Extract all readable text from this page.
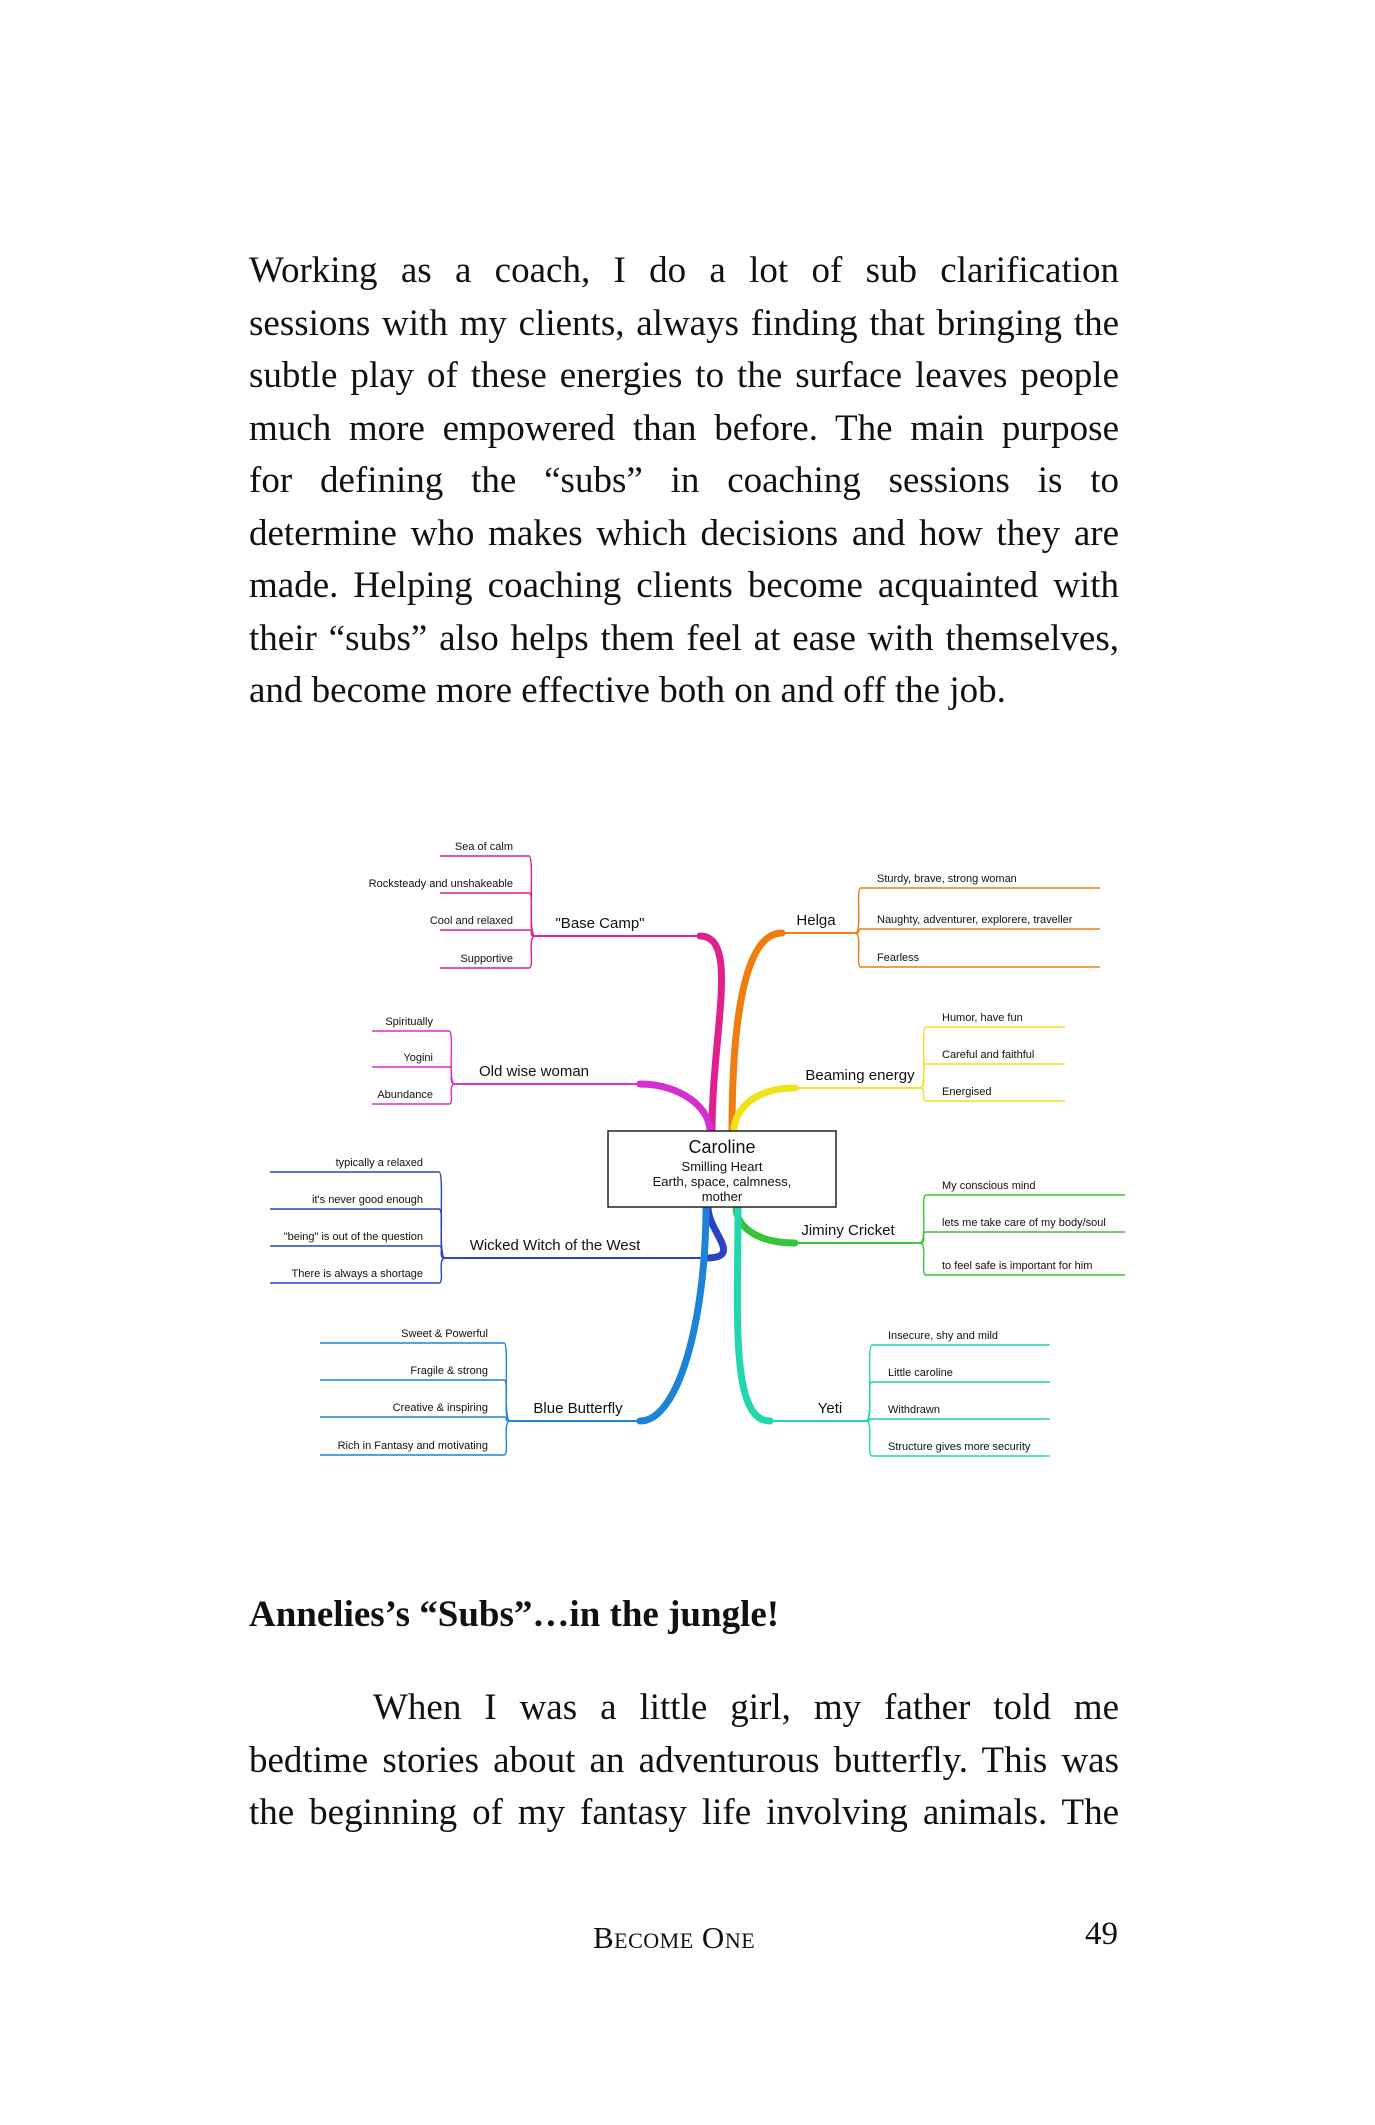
Working as a coach, I do a lot of sub clarification
sessions with my clients, always finding that bringing the
subtle play of these energies to the surface leaves people
much more empowered than before. The main purpose
for defining the “subs” in coaching sessions is to
determine who makes which decisions and how they are
made. Helping coaching clients become acquainted with
their “subs” also helps them feel at ease with themselves,
and become more effective both on and off the job.
"Base Camp"
Sea of calm
Rocksteady and unshakeable
Cool and relaxed
Supportive
Old wise woman
Spiritually
Yogini
Abundance
Wicked Witch of the West
typically a relaxed
it's never good enough
"being" is out of the question
There is always a shortage
Blue Butterfly
Sweet & Powerful
Fragile & strong
Creative & inspiring
Rich in Fantasy and motivating
Helga
Sturdy, brave, strong woman
Naughty, adventurer, explorere, traveller
Fearless
Beaming energy
Humor, have fun
Careful and faithful
Energised
Jiminy Cricket
My conscious mind
lets me take care of my body/soul
to feel safe is important for him
Yeti
Insecure, shy and mild
Little caroline
Withdrawn
Structure gives more security
Caroline
Smilling Heart
Earth, space, calmness,
mother
Annelies’s “Subs”…in the jungle!
When I was a little girl, my father told me
bedtime stories about an adventurous butterfly. This was
the beginning of my fantasy life involving animals. The
Become One	49
